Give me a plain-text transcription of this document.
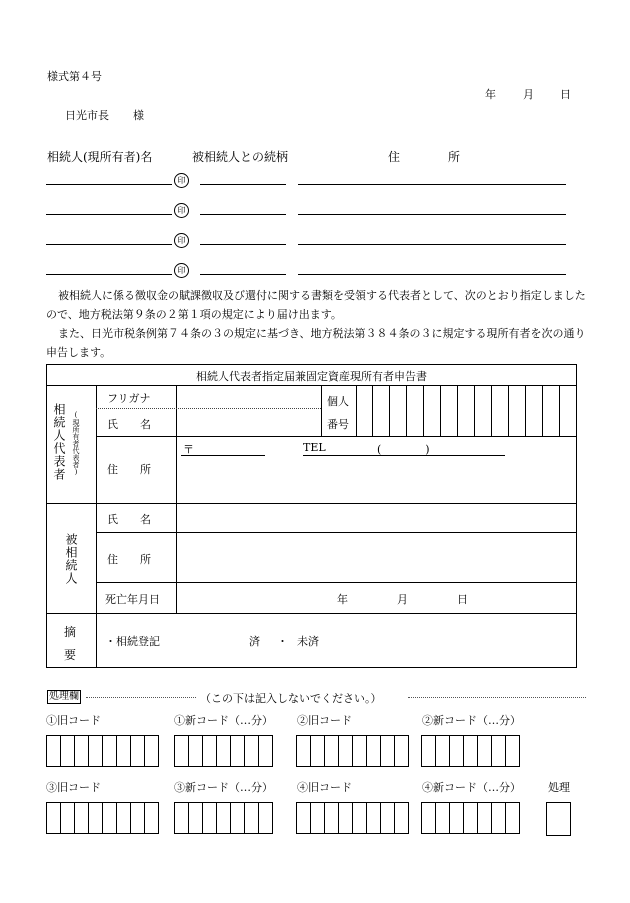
様式第４号
年 月 日
日光市長 様
相続人(現所有者)名	被相続人との続柄	住　　　　所
印
印
印
印

被相続人に係る徴収金の賦課徴収及び還付に関する書類を受領する代表者として、次のとおり指定しましたので、地方税法第９条の２第１項の規定により届け出ます。

また、日光市税条例第７４条の３の規定に基づき、地方税法第３８４条の３に規定する現所有者を次の通り申告します。

相続人代表者指定届兼固定資産現所有者申告書
相続人代表者 (現所有者代表者)
フリガナ
氏　　名
個人
番号
住　　所
〒	TEL	(　　　　)
被相続人
氏　　名
住　　所
死亡年月日	年	月	日
摘
要
・相続登記	済 ・ 未済
処理欄	（この下は記入しないでください。）
①旧コード	①新コード（…分） ②旧コード	②新コード（…分）
③旧コード	③新コード（…分） ④旧コード	④新コード（…分） 処理
